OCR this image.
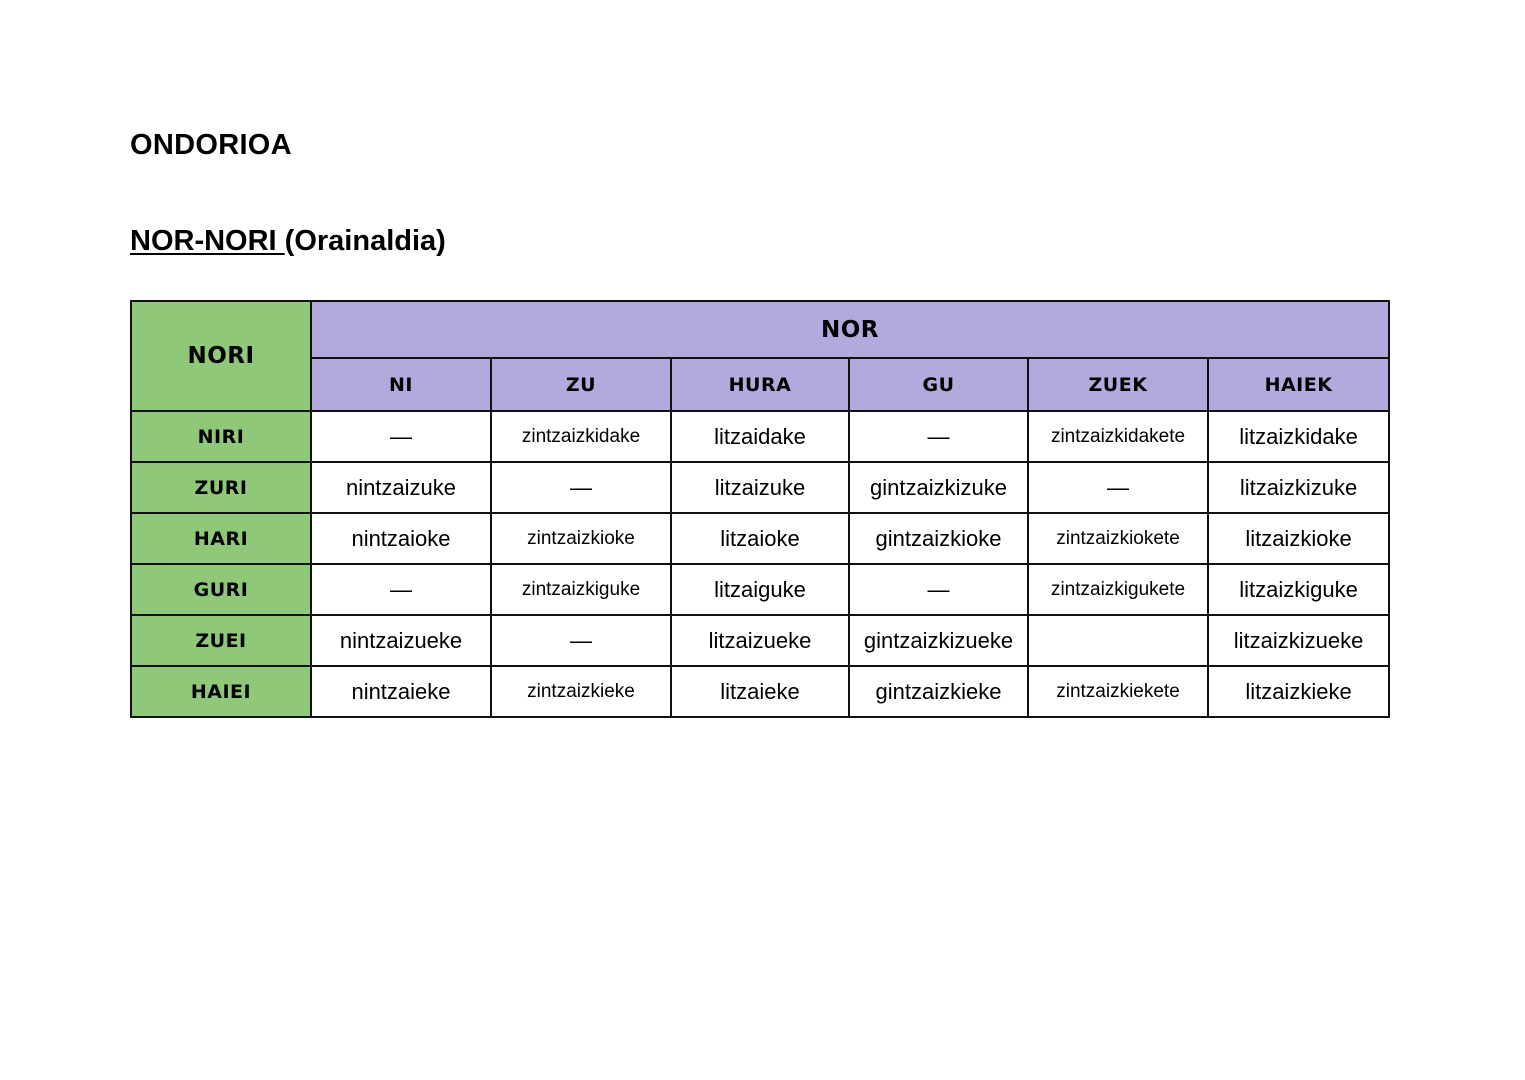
ONDORIOA
NOR-NORI (Orainaldia)
NORI	NOR					
	NI	ZU	HURA	GU	ZUEK	HAIEK
NIRI	—	zintzaizkidake	litzaidake	—	zintzaizkidakete	litzaizkidake
ZURI	nintzaizuke	—	litzaizuke	gintzaizkizuke	—	litzaizkizuke
HARI	nintzaioke	zintzaizkioke	litzaioke	gintzaizkioke	zintzaizkiokete	litzaizkioke
GURI	—	zintzaizkiguke	litzaiguke	—	zintzaizkigukete	litzaizkiguke
ZUEI	nintzaizueke	—	litzaizueke	gintzaizkizueke		litzaizkizueke
HAIEI	nintzaieke	zintzaizkieke	litzaieke	gintzaizkieke	zintzaizkiekete	litzaizkieke
